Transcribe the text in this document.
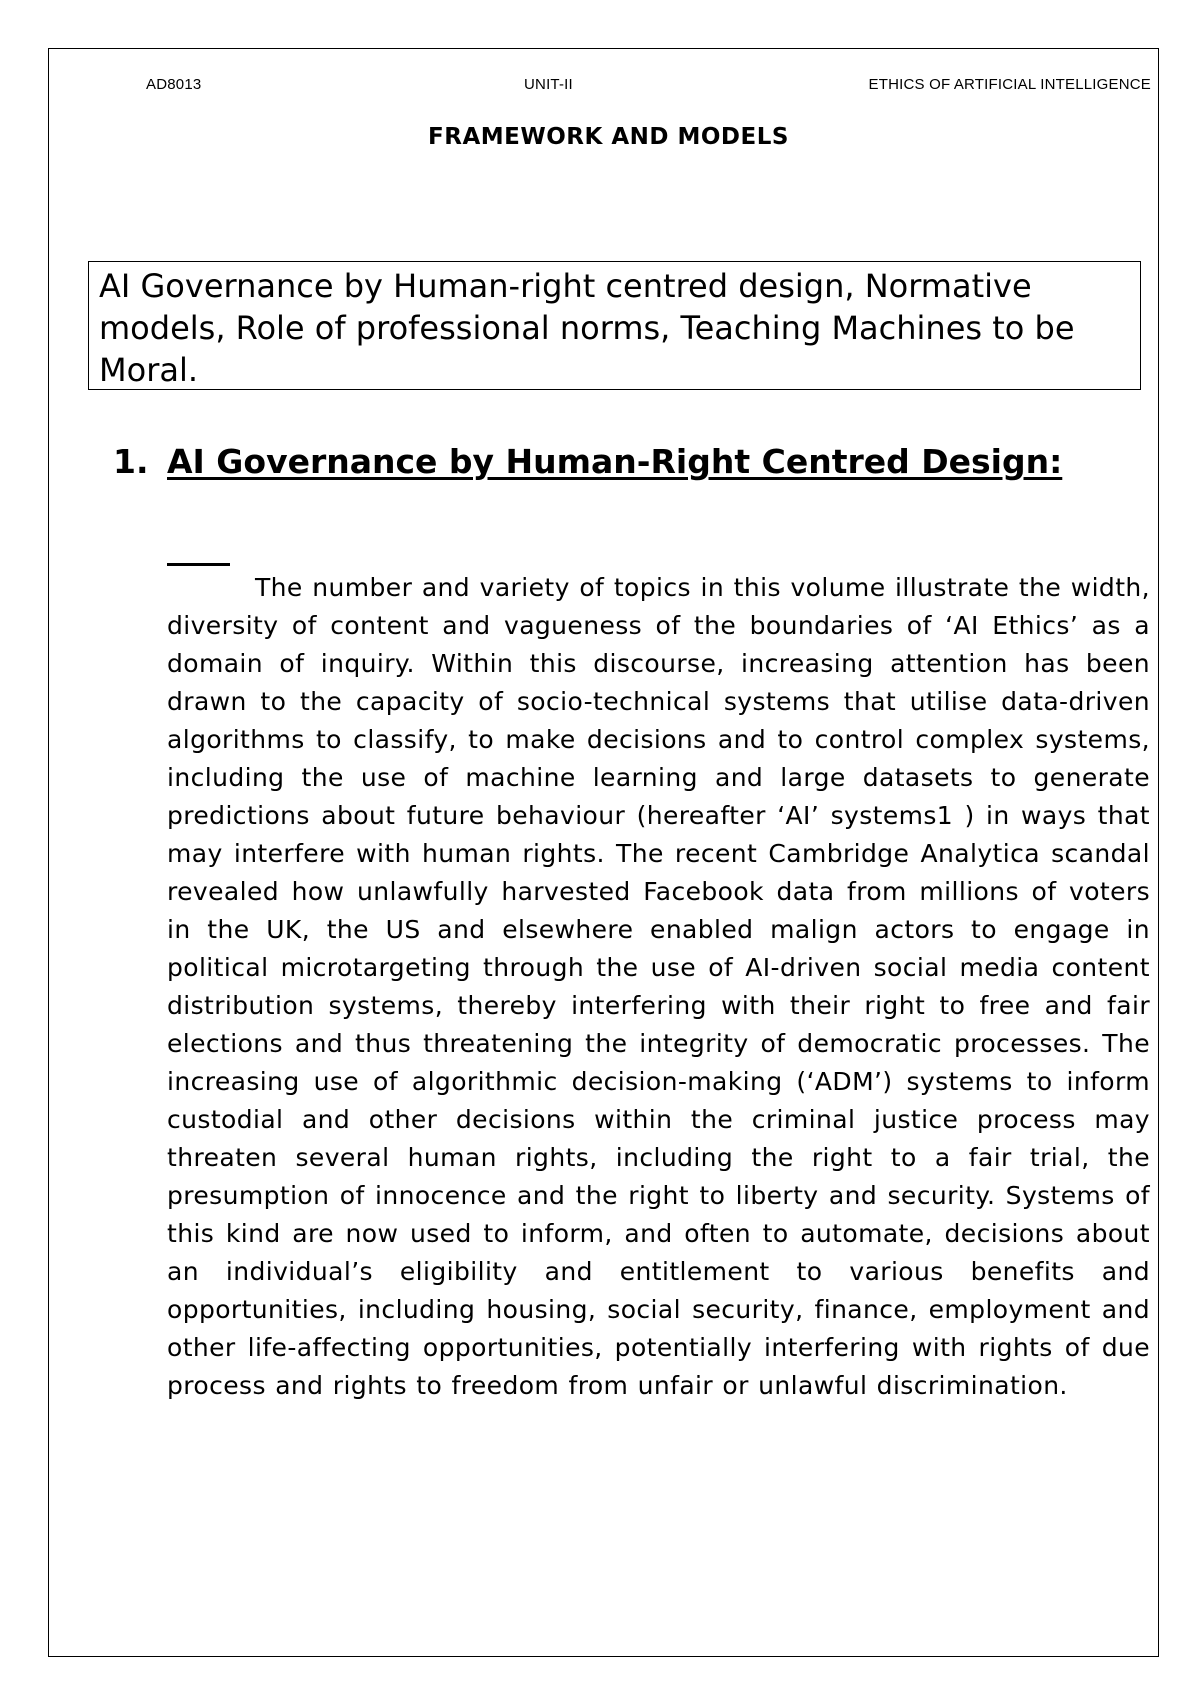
AD8013	UNIT-II	ETHICS OF ARTIFICIAL INTELLIGENCE
FRAMEWORK AND MODELS
AI Governance by Human-right centred design, Normative models, Role of professional norms, Teaching Machines to be Moral.
1. AI Governance by Human-Right Centred Design:
The number and variety of topics in this volume illustrate the width, diversity of content and vagueness of the boundaries of ‘AI Ethics’ as a domain of inquiry. Within this discourse, increasing attention has been drawn to the capacity of socio-technical systems that utilise data-driven algorithms to classify, to make decisions and to control complex systems, including the use of machine learning and large datasets to generate predictions about future behaviour (hereafter ‘AI’ systems1 ) in ways that may interfere with human rights. The recent Cambridge Analytica scandal revealed how unlawfully harvested Facebook data from millions of voters in the UK, the US and elsewhere enabled malign actors to engage in political microtargeting through the use of AI-driven social media content distribution systems, thereby interfering with their right to free and fair elections and thus threatening the integrity of democratic processes. The increasing use of algorithmic decision-making (‘ADM’) systems to inform custodial and other decisions within the criminal justice process may threaten several human rights, including the right to a fair trial, the presumption of innocence and the right to liberty and security. Systems of this kind are now used to inform, and often to automate, decisions about an individual’s eligibility and entitlement to various benefits and opportunities, including housing, social security, finance, employment and other life-affecting opportunities, potentially interfering with rights of due process and rights to freedom from unfair or unlawful discrimination.
